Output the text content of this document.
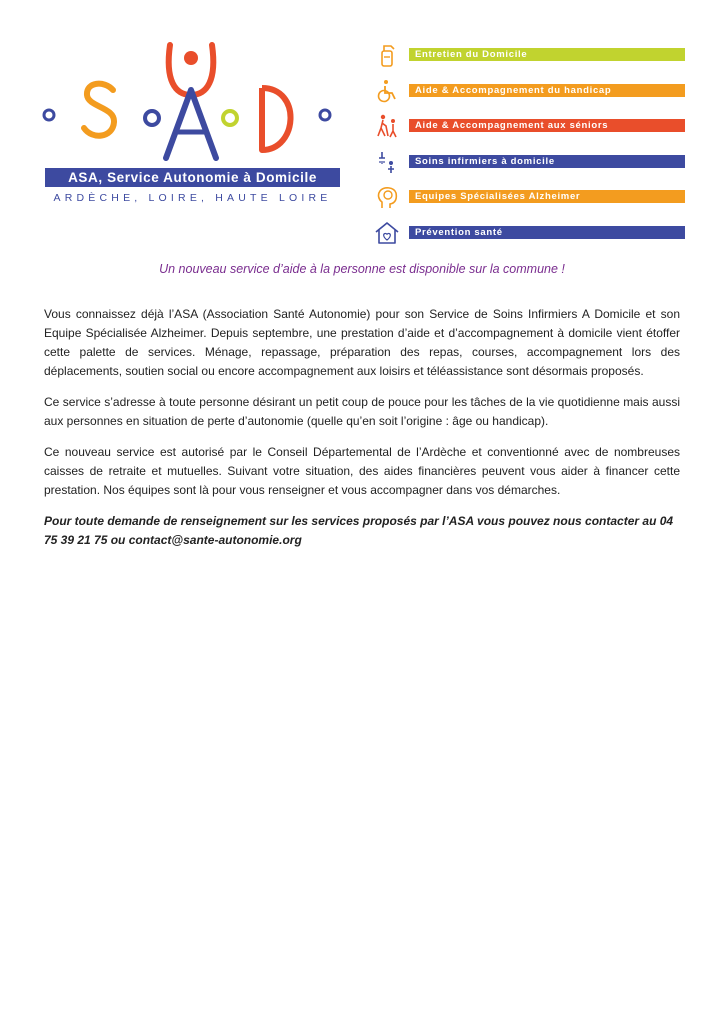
ASA, Service Autonomie à Domicile
ARDÈCHE, LOIRE, HAUTE LOIRE
Entretien du Domicile
Aide & Accompagnement du handicap
Aide & Accompagnement aux séniors
Soins infirmiers à domicile
Equipes Spécialisées Alzheimer
Prévention santé
Un nouveau service d’aide à la personne est disponible sur la commune !

Vous connaissez déjà l’ASA (Association Santé Autonomie) pour son Service de Soins Infirmiers A Domicile et son Equipe Spécialisée Alzheimer. Depuis septembre, une prestation d’aide et d’accompagnement à domicile vient étoffer cette palette de services. Ménage, repassage, préparation des repas, courses, accompagnement lors des déplacements, soutien social ou encore accompagnement aux loisirs et téléassistance sont désormais proposés.

Ce service s’adresse à toute personne désirant un petit coup de pouce pour les tâches de la vie quotidienne mais aussi aux personnes en situation de perte d’autonomie (quelle qu’en soit l’origine : âge ou handicap).

Ce nouveau service est autorisé par le Conseil Départemental de l’Ardèche et conventionné avec de nombreuses caisses de retraite et mutuelles. Suivant votre situation, des aides financières peuvent vous aider à financer cette prestation. Nos équipes sont là pour vous renseigner et vous accompagner dans vos démarches.

Pour toute demande de renseignement sur les services proposés par l’ASA vous pouvez nous contacter au 04 75 39 21 75 ou contact@sante-autonomie.org
